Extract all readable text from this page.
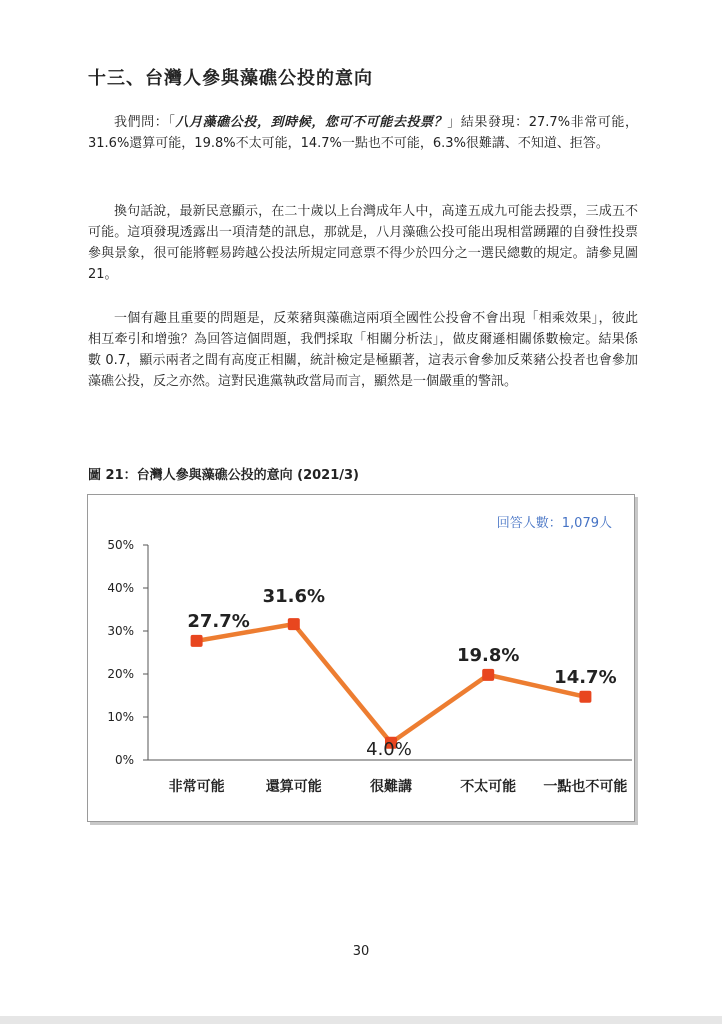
十三、台灣人參與藻礁公投的意向

我們問：「八月藻礁公投，到時候，您可不可能去投票？」結果發現：27.7%非常可能，31.6%還算可能，19.8%不太可能，14.7%一點也不可能，6.3%很難講、不知道、拒答。

換句話說，最新民意顯示，在二十歲以上台灣成年人中，高達五成九可能去投票，三成五不可能。這項發現透露出一項清楚的訊息，那就是，八月藻礁公投可能出現相當踴躍的自發性投票參與景象，很可能將輕易跨越公投法所規定同意票不得少於四分之一選民總數的規定。請參見圖 21。

一個有趣且重要的問題是，反萊豬與藻礁這兩項全國性公投會不會出現「相乘效果」，彼此相互牽引和增強？為回答這個問題，我們採取「相關分析法」，做皮爾遜相關係數檢定。結果係數 0.7，顯示兩者之間有高度正相關，統計檢定是極顯著，這表示會參加反萊豬公投者也會參加藻礁公投，反之亦然。這對民進黨執政當局而言，顯然是一個嚴重的警訊。

圖 21：台灣人參與藻礁公投的意向 (2021/3)

回答人數：1,079人
0%
10%
20%
30%
40%
50%
非常可能	還算可能	很難講	不太可能 一點也不可能
27.7%
31.6%
4.0%
19.8%
14.7%
30
